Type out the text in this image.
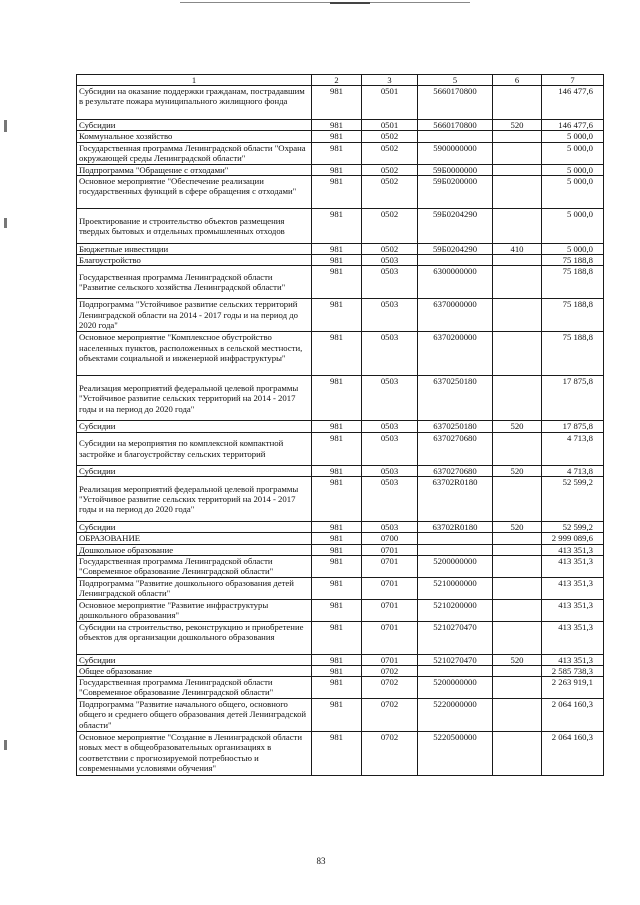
1	2	3	5	6	7
Субсидии на оказание поддержки гражданам, пострадавшим в результате пожара муниципального жилищного фонда	981	0501	5660170800		146 477,6
Субсидии	981	0501	5660170800	520	146 477,6
Коммунальное хозяйство	981	0502			5 000,0
Государственная программа Ленинградской области "Охрана окружающей среды Ленинградской области"	981	0502	5900000000		5 000,0
Подпрограмма "Обращение с отходами"	981	0502	59Б0000000		5 000,0
Основное мероприятие "Обеспечение реализации государственных функций в сфере обращения с отходами"	981	0502	59Б0200000		5 000,0
Проектирование и строительство объектов размещения твердых бытовых и отдельных промышленных отходов	981	0502	59Б0204290		5 000,0
Бюджетные инвестиции	981	0502	59Б0204290	410	5 000,0
Благоустройство	981	0503			75 188,8
Государственная программа Ленинградской области "Развитие сельского хозяйства Ленинградской области"	981	0503	6300000000		75 188,8
Подпрограмма "Устойчивое развитие сельских территорий Ленинградской области на 2014 - 2017 годы и на период до 2020 года"	981	0503	6370000000		75 188,8
Основное мероприятие "Комплексное обустройство населенных пунктов, расположенных в сельской местности, объектами социальной и инженерной инфраструктуры"	981	0503	6370200000		75 188,8
Реализация мероприятий федеральной целевой программы "Устойчивое развитие сельских территорий на 2014 - 2017 годы и на период до 2020 года"	981	0503	6370250180		17 875,8
Субсидии	981	0503	6370250180	520	17 875,8
Субсидии на мероприятия по комплексной компактной застройке и благоустройству сельских территорий	981	0503	6370270680		4 713,8
Субсидии	981	0503	6370270680	520	4 713,8
Реализация мероприятий федеральной целевой программы "Устойчивое развитие сельских территорий на 2014 - 2017 годы и на период до 2020 года"	981	0503	63702R0180		52 599,2
Субсидии	981	0503	63702R0180	520	52 599,2
ОБРАЗОВАНИЕ	981	0700			2 999 089,6
Дошкольное образование	981	0701			413 351,3
Государственная программа Ленинградской области "Современное образование Ленинградской области"	981	0701	5200000000		413 351,3
Подпрограмма "Развитие дошкольного образования детей Ленинградской области"	981	0701	5210000000		413 351,3
Основное мероприятие "Развитие инфраструктуры дошкольного образования"	981	0701	5210200000		413 351,3
Субсидии на строительство, реконструкцию и приобретение объектов для организации дошкольного образования	981	0701	5210270470		413 351,3
Субсидии	981	0701	5210270470	520	413 351,3
Общее образование	981	0702			2 585 738,3
Государственная программа Ленинградской области "Современное образование Ленинградской области"	981	0702	5200000000		2 263 919,1
Подпрограмма "Развитие начального общего, основного общего и среднего общего образования детей Ленинградской области"	981	0702	5220000000		2 064 160,3
Основное мероприятие "Создание в Ленинградской области новых мест в общеобразовательных организациях в соответствии с прогнозируемой потребностью и современными условиями обучения"	981	0702	5220500000		2 064 160,3
83
